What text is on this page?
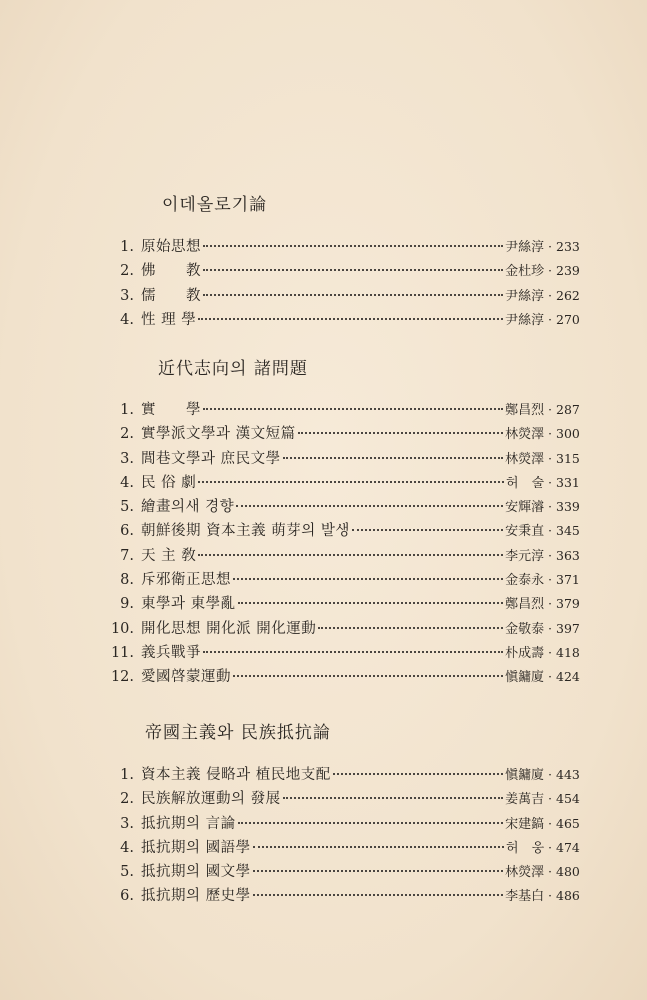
이데올로기論
1. 原始思想	尹絲淳 · 233
2. 佛　　教	金杜珍 · 239
3. 儒　　教	尹絲淳 · 262
4. 性 理 學	尹絲淳 · 270
近代志向의 諸問題
1. 實　　學	鄭昌烈 · 287
2. 實學派文學과 漢文短篇	林熒澤 · 300
3. 閭巷文學과 庶民文學	林熒澤 · 315
4. 民 俗 劇	허　술 · 331
5. 繪畫의새 경향	安輝濬 · 339
6. 朝鮮後期 資本主義 萌芽의 발생	安秉直 · 345
7. 天 主 敎	李元淳 · 363
8. 斥邪衛正思想	金泰永 · 371
9. 東學과 東學亂	鄭昌烈 · 379
10. 開化思想 開化派 開化運動	金敬泰 · 397
11. 義兵戰爭	朴成壽 · 418
12. 愛國啓蒙運動	愼鏞廈 · 424
帝國主義와 民族抵抗論
1. 資本主義 侵略과 植民地支配	愼鏞廈 · 443
2. 民族解放運動의 發展	姜萬吉 · 454
3. 抵抗期의 言論	宋建鎬 · 465
4. 抵抗期의 國語學	허　웅 · 474
5. 抵抗期의 國文學	林熒澤 · 480
6. 抵抗期의 歷史學	李基白 · 486
